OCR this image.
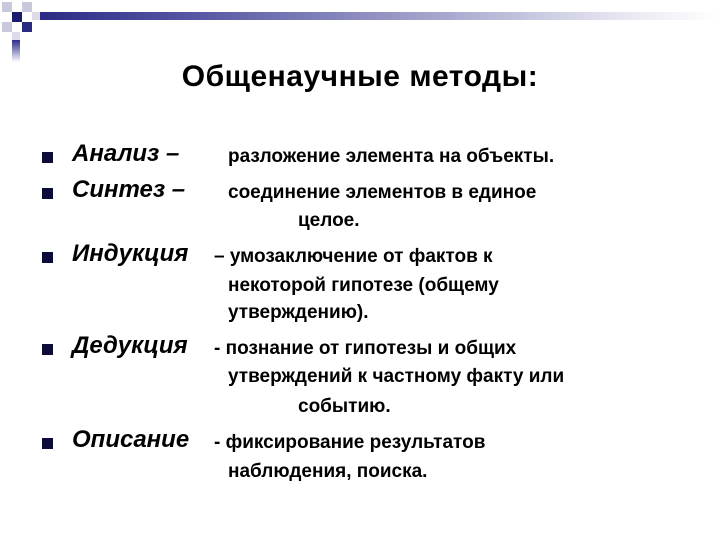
Общенаучные методы:
Анализ –	разложение элемента на объекты.
Синтез – соединение элементов в единое
целое.
Индукция – умозаключение от фактов к
некоторой гипотезе (общему
утверждению).
Дедукция - познание от гипотезы и общих
утверждений к частному факту или
событию.
Описание - фиксирование результатов
наблюдения, поиска.
